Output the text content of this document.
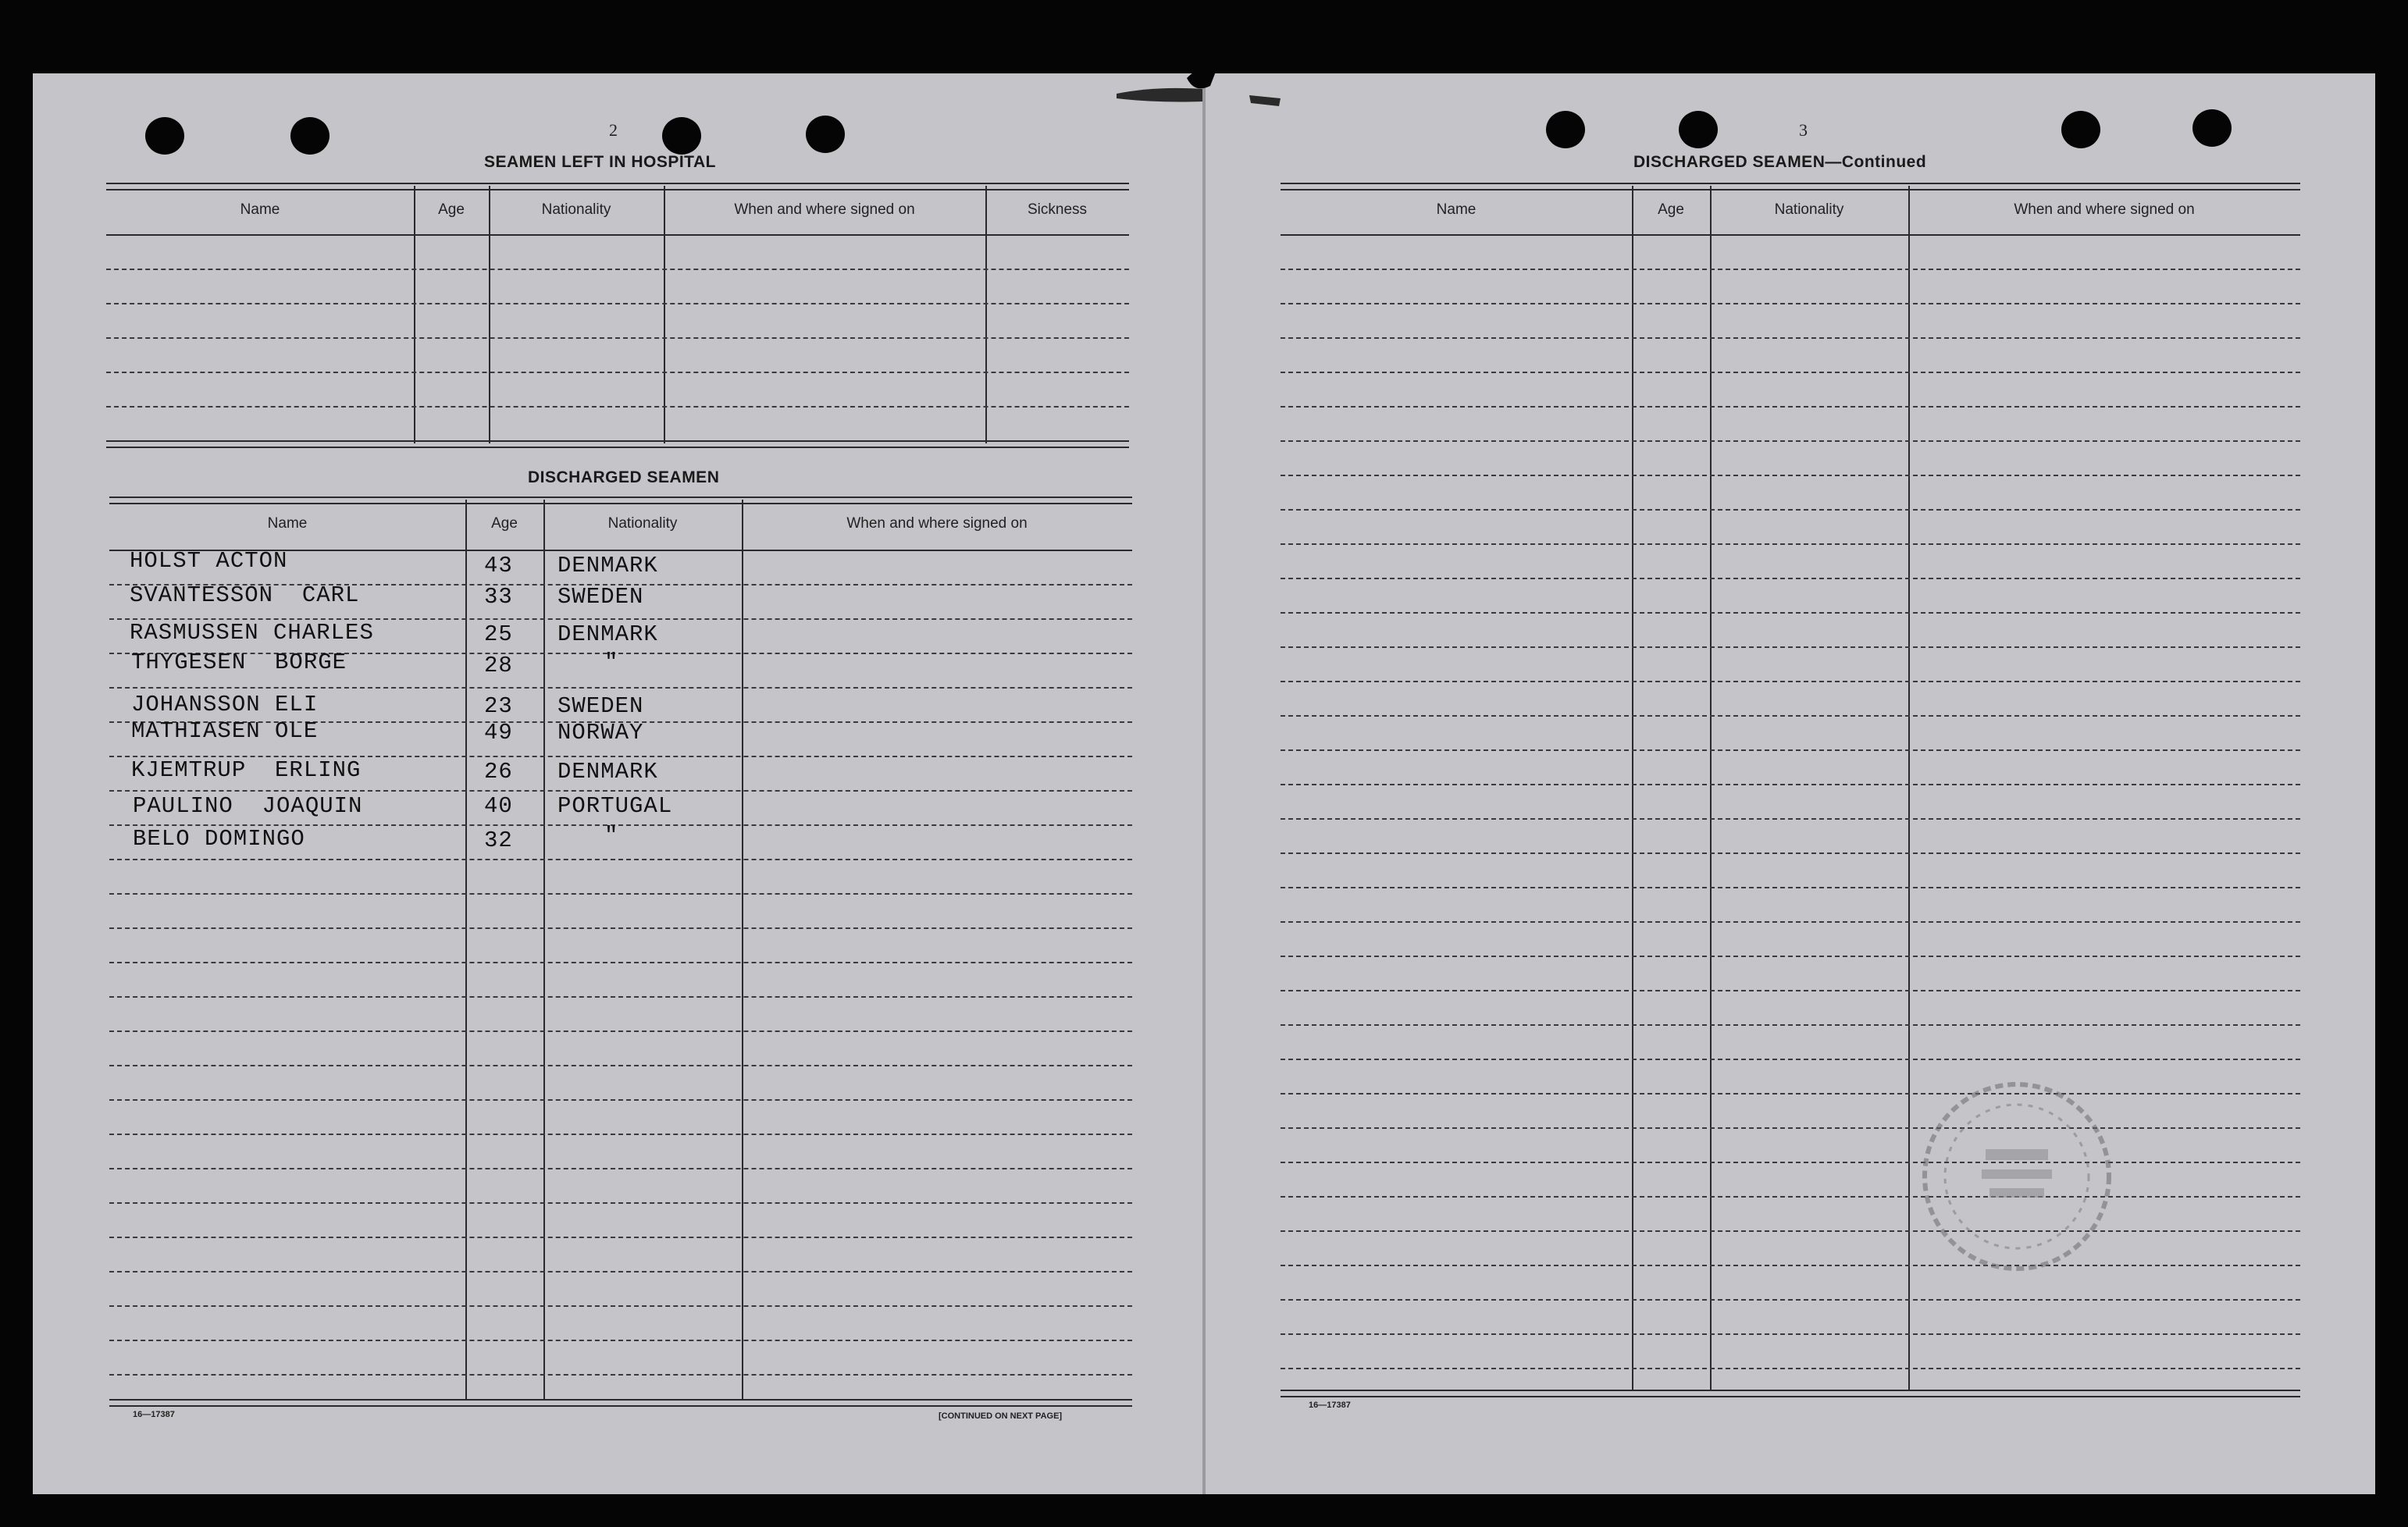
2
SEAMEN LEFT IN HOSPITAL
Name	Age	Nationality	When and where signed on	Sickness
DISCHARGED SEAMEN
Name	Age	Nationality	When and where signed on
HOLST ACTON	43 DENMARK
SVANTESSON  CARL	33 SWEDEN
RASMUSSEN CHARLES	25 DENMARK
THYGESEN  BORGE	28	"
JOHANSSON ELI	23 SWEDEN
MATHIASEN OLE	49 NORWAY
KJEMTRUP  ERLING	26 DENMARK
PAULINO  JOAQUIN	40 PORTUGAL
BELO DOMINGO	32	"
16—17387	[CONTINUED ON NEXT PAGE]
3
DISCHARGED SEAMEN—Continued
Name	Age	Nationality	When and where signed on
16—17387
